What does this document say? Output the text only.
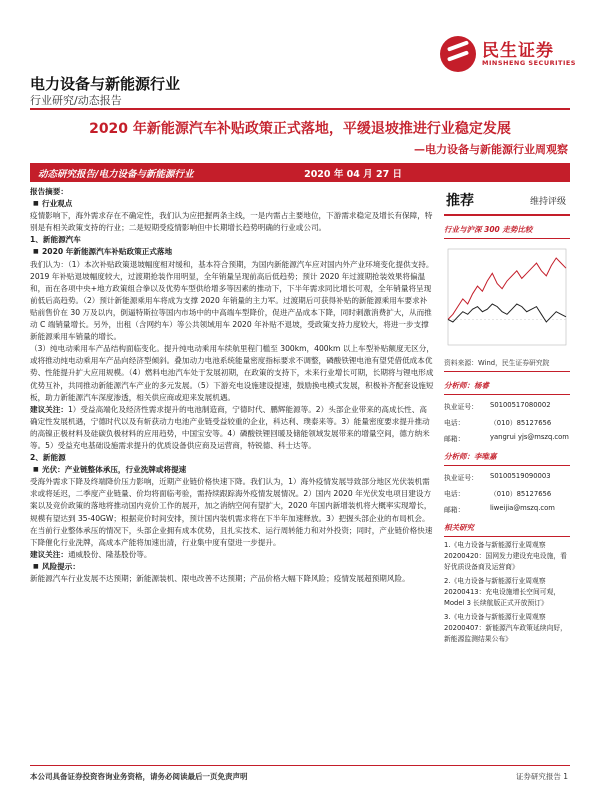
民生证券
MINSHENG SECURITIES
电力设备与新能源行业
行业研究/动态报告
2020 年新能源汽车补贴政策正式落地，平缓退坡推进行业稳定发展
—电力设备与新能源行业周观察
动态研究报告/电力设备与新能源行业	2020 年 04 月 27 日
报告摘要：
■ 行业观点

疫情影响下，海外需求存在不确定性，我们认为应把握两条主线，一是内需占主要地位，下游需求稳定及增长有保障，特别是有相关政策支持的行业；二是短期受疫情影响但中长期增长趋势明确的行业或公司。

1、新能源汽车
■ 2020 年新能源汽车补贴政策正式落地

我们认为：（1）本次补贴政策退坡幅度相对缓和，基本符合预期，为国内新能源汽车应对国内外产业环境变化提供支持。2019 年补贴退坡幅度较大，过渡期抢装作用明显，全年销量呈现前高后低趋势；预计 2020 年过渡期抢装效果将偏温和，而在各项中央+地方政策组合拳以及优势车型供给增多等因素的推动下，下半年需求同比增长可观，全年销量将呈现前低后高趋势。（2）预计新能源乘用车将成为支撑 2020 年销量的主力军。过渡期后可获得补贴的新能源乘用车要求补贴前售价在 30 万及以内，倒逼特斯拉等国内市场中的中高端车型降价，促进产品成本下降，同时刺激消费扩大，从而推动 C 端销量增长。另外，出租（含网约车）等公共领域用车 2020 年补贴不退坡，受政策支持力度较大，将进一步支撑新能源乘用车销量的增长。

（3）纯电动乘用车产品结构面临变化。提升纯电动乘用车续航里程门槛至 300km，400km 以上车型补贴额度无区分，或将推动纯电动乘用车产品向经济型倾斜。叠加动力电池系统能量密度指标要求不调整，磷酸铁锂电池有望凭借低成本优势、性能提升扩大应用规模。（4）燃料电池汽车处于发展初期，在政策的支持下，未来行业增长可期，长期将与锂电形成优势互补，共同推动新能源汽车产业的多元发展。（5）下游充电设施建设提速，鼓励换电模式发展，积极补齐配套设施短板，助力新能源汽车深度渗透，相关供应商或迎来发展机遇。

建议关注：1）受益高端化及经济性需求提升的电池制造商，宁德时代、鹏辉能源等。2）头部企业带来的高成长性、高确定性发展机遇，宁德时代以及有斩获动力电池产业链受益较重的企业，科达利、璞泰来等。3）能量密度要求提升推动的高镍正极材料及硅碳负极材料的应用趋势，中国宝安等。4）磷酸铁锂回暖及储能领域发展带来的增量空间，德方纳米等。5）受益充电基础设施需求提升的优质设备供应商及运营商，特锐德、科士达等。

2、新能源
■ 光伏：产业链整体承压，行业洗牌或将提速

受海外需求下降及终端降价压力影响，近期产业链价格快速下降。我们认为，1）海外疫情发展导致部分地区光伏装机需求或将延迟，二季度产业链量、价均将面临考验，需持续跟踪海外疫情发展情况。2）国内 2020 年光伏发电项目建设方案以及竞价政策的落地将推动国内竞价工作的展开，加之消纳空间有望扩大，2020 年国内新增装机将大概率实现增长，规模有望达到 35-40GW；根据竞价时间安排，预计国内装机需求将在下半年加速释放。3）把握头部企业的布局机会。在当前行业整体承压的情况下，头部企业拥有成本优势，且扎实技术、运行周转能力和对外投资；同时，产业链价格快速下降催化行业洗牌，高成本产能将加速出清，行业集中度有望进一步提升。

建议关注：通威股份、隆基股份等。

■ 风险提示：

新能源汽车行业发展不达预期；新能源装机、限电改善不达预期；产品价格大幅下降风险；疫情发展超预期风险。

推荐	维持评级
行业与沪深 300 走势比较
资料来源：Wind，民生证券研究院
分析师：杨睿
执业证号：	S0100517080002
电话：	（010）85127656
邮箱：	yangrui yjs@mszq.com
分析师：李唯嘉
执业证号：	S0100519090003
电话：	（010）85127656
邮箱：	liweijia@mszq.com
相关研究
1.《电力设备与新能源行业周观察 20200420：国网发力建设充电设施，看好优质设备商及运营商》
2.《电力设备与新能源行业周观察 20200413：充电设施增长空间可观，Model 3 长续航版正式开放预订》
3.《电力设备与新能源行业周观察 20200407：新能源汽车政策延续向好，新能源监测结果公布》
本公司具备证券投资咨询业务资格，请务必阅读最后一页免责声明	证券研究报告 1
